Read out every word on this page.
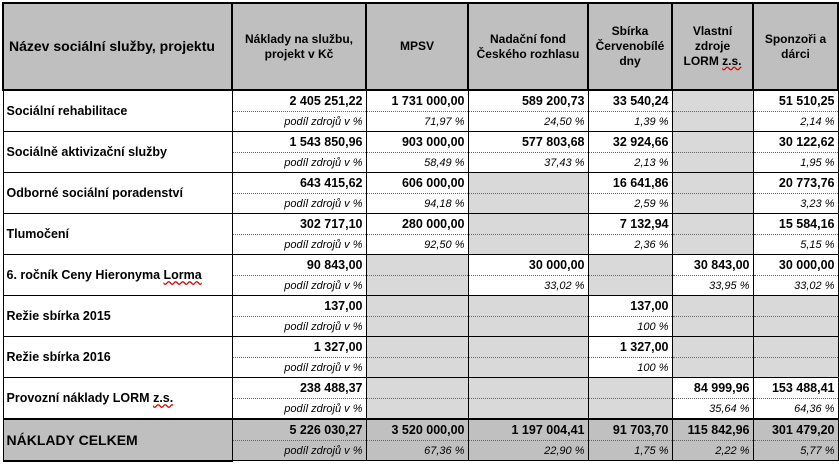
Název sociální služby, projektu	Náklady na službu, projekt v Kč	MPSV	Nadační fond Českého rozhlasu	Sbírka Červenobílé dny	Vlastní zdroje LORM z.s.	Sponzoři a dárci
Sociální rehabilitace	2 405 251,22	1 731 000,00	589 200,73	33 540,24		51 510,25
	podíl zdrojů v %	71,97 %	24,50 %	1,39 %		2,14 %
Sociálně aktivizační služby	1 543 850,96	903 000,00	577 803,68	32 924,66		30 122,62
	podíl zdrojů v %	58,49 %	37,43 %	2,13 %		1,95 %
Odborné sociální poradenství	643 415,62	606 000,00		16 641,86		20 773,76
	podíl zdrojů v %	94,18 %		2,59 %		3,23 %
Tlumočení	302 717,10	280 000,00		7 132,94		15 584,16
	podíl zdrojů v %	92,50 %		2,36 %		5,15 %
6. ročník Ceny Hieronyma Lorma	90 843,00		30 000,00		30 843,00	30 000,00
	podíl zdrojů v %		33,02 %		33,95 %	33,02 %
Režie sbírka 2015	137,00			137,00		
	podíl zdrojů v %			100 %		
Režie sbírka 2016	1 327,00			1 327,00		
	podíl zdrojů v %			100 %		
Provozní náklady LORM z.s.	238 488,37				84 999,96	153 488,41
	podíl zdrojů v %				35,64 %	64,36 %
NÁKLADY CELKEM	5 226 030,27	3 520 000,00	1 197 004,41	91 703,70	115 842,96	301 479,20
	podíl zdrojů v %	67,36 %	22,90 %	1,75 %	2,22 %	5,77 %
